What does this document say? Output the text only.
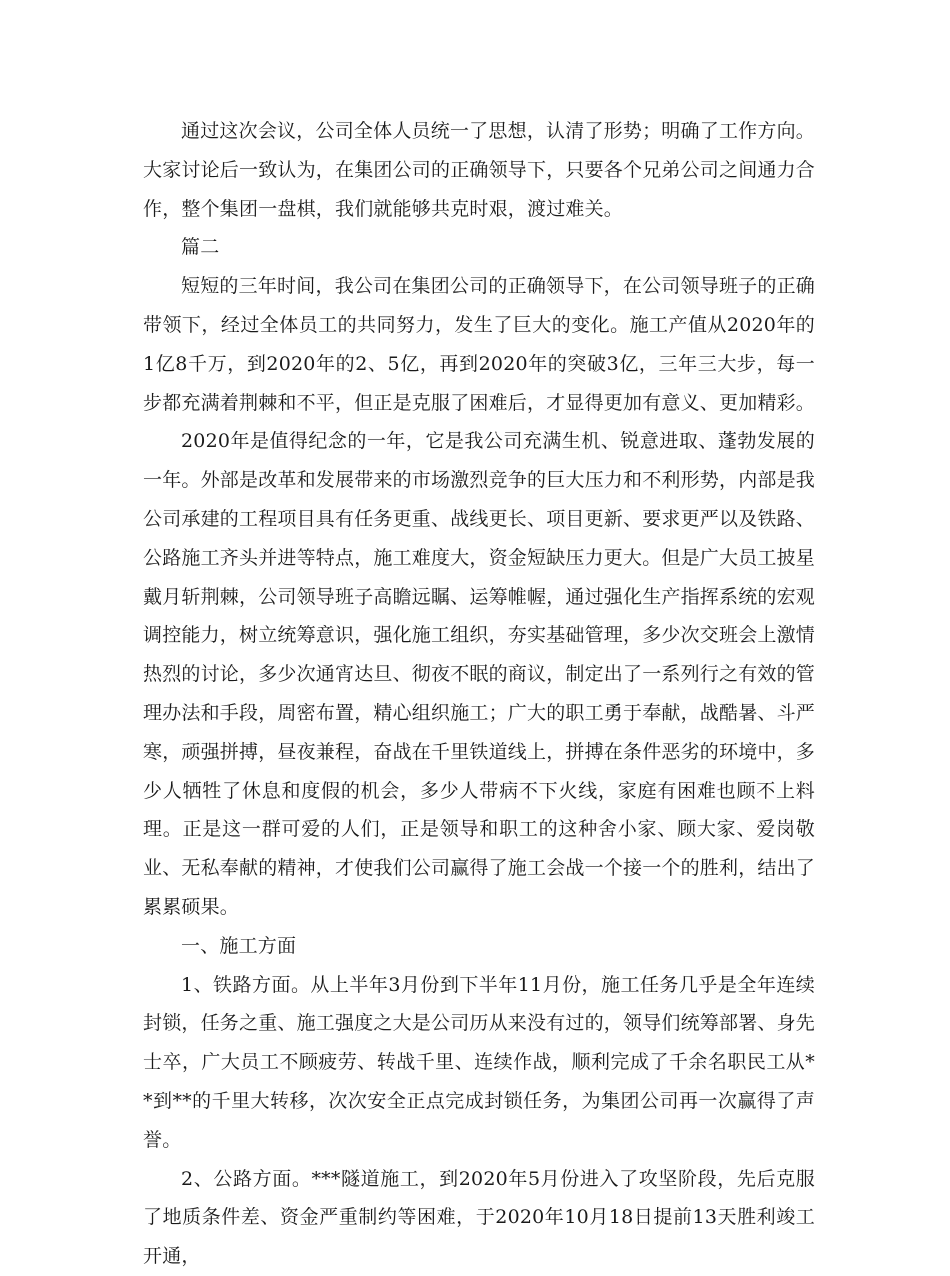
通过这次会议，公司全体人员统一了思想，认清了形势；明确了工作方向。大家讨论后一致认为，在集团公司的正确领导下，只要各个兄弟公司之间通力合作，整个集团一盘棋，我们就能够共克时艰，渡过难关。

篇二

短短的三年时间，我公司在集团公司的正确领导下，在公司领导班子的正确带领下，经过全体员工的共同努力，发生了巨大的变化。施工产值从2020年的1亿8千万，到2020年的2、5亿，再到2020年的突破3亿，三年三大步，每一步都充满着荆棘和不平，但正是克服了困难后，才显得更加有意义、更加精彩。

2020年是值得纪念的一年，它是我公司充满生机、锐意进取、蓬勃发展的一年。外部是改革和发展带来的市场激烈竞争的巨大压力和不利形势，内部是我公司承建的工程项目具有任务更重、战线更长、项目更新、要求更严以及铁路、公路施工齐头并进等特点，施工难度大，资金短缺压力更大。但是广大员工披星戴月斩荆棘，公司领导班子高瞻远瞩、运筹帷幄，通过强化生产指挥系统的宏观调控能力，树立统筹意识，强化施工组织，夯实基础管理，多少次交班会上激情热烈的讨论，多少次通宵达旦、彻夜不眠的商议，制定出了一系列行之有效的管理办法和手段，周密布置，精心组织施工；广大的职工勇于奉献，战酷暑、斗严寒，顽强拼搏，昼夜兼程，奋战在千里铁道线上，拼搏在条件恶劣的环境中，多少人牺牲了休息和度假的机会，多少人带病不下火线，家庭有困难也顾不上料理。正是这一群可爱的人们，正是领导和职工的这种舍小家、顾大家、爱岗敬业、无私奉献的精神，才使我们公司赢得了施工会战一个接一个的胜利，结出了累累硕果。

一、施工方面

1、铁路方面。从上半年3月份到下半年11月份，施工任务几乎是全年连续封锁，任务之重、施工强度之大是公司历从来没有过的，领导们统筹部署、身先士卒，广大员工不顾疲劳、转战千里、连续作战，顺利完成了千余名职民工从**到**的千里大转移，次次安全正点完成封锁任务，为集团公司再一次赢得了声誉。

2、公路方面。***隧道施工，到2020年5月份进入了攻坚阶段，先后克服了地质条件差、资金严重制约等困难，于2020年10月18日提前13天胜利竣工开通，
